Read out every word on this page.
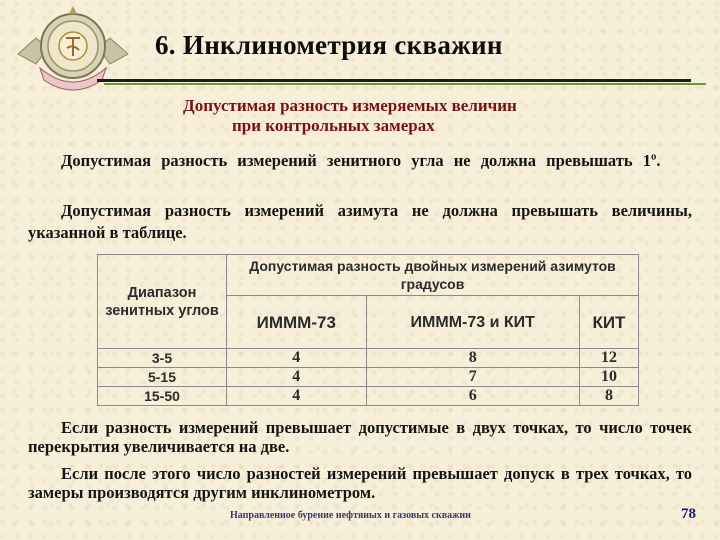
6. Инклинометрия скважин
Допустимая разность измеряемых величин
при контрольных замерах
Допустимая разность измерений зенитного угла не должна превышать 1º.
Допустимая разность измерений азимута не должна превышать величины, указанной в таблице.
Диапазон зенитных углов	Допустимая разность двойных измерений азимутов градусов		
	ИМММ-73	ИМММ-73 и КИТ	КИТ
3-5	4	8	12
5-15	4	7	10
15-50	4	6	8
Если разность измерений превышает допустимые в двух точках, то число точек перекрытия увеличивается на две.
Если после этого число разностей измерений превышает допуск в трех точках, то замеры производятся другим инклинометром.
Направленное бурение нефтяных и газовых скважин	78
